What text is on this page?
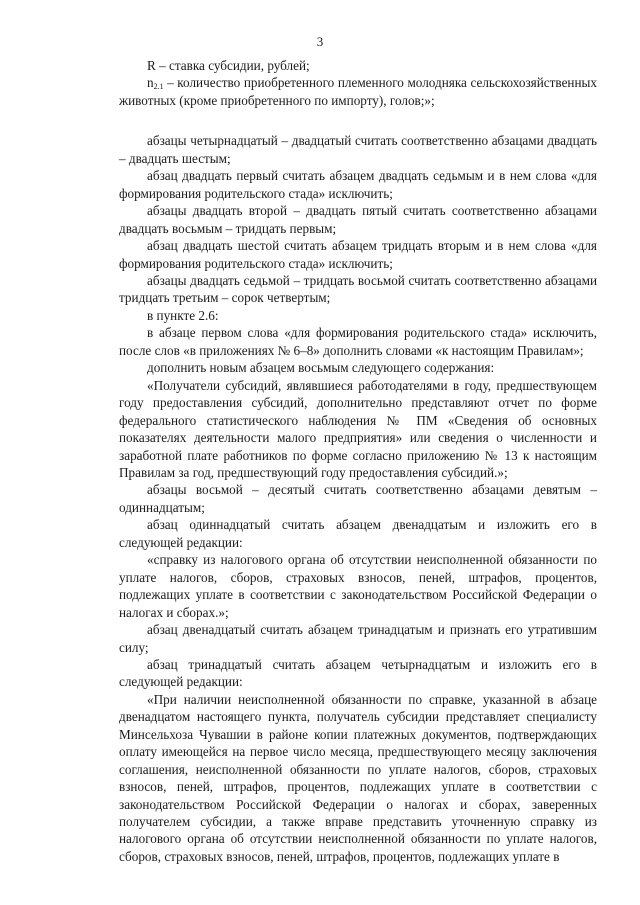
3

R – ставка субсидии, рублей;

$n_{2.1}$ – количество приобретенного племенного молодняка сельскохозяйственных животных (кроме приобретенного по импорту), голов;»;

абзацы четырнадцатый – двадцатый считать соответственно абзацами двадцать – двадцать шестым;

абзац двадцать первый считать абзацем двадцать седьмым и в нем слова «для формирования родительского стада» исключить;

абзацы двадцать второй – двадцать пятый считать соответственно абзацами двадцать восьмым – тридцать первым;

абзац двадцать шестой считать абзацем тридцать вторым и в нем слова «для формирования родительского стада» исключить;

абзацы двадцать седьмой – тридцать восьмой считать соответственно абзацами тридцать третьим – сорок четвертым;

в пункте 2.6:

в абзаце первом слова «для формирования родительского стада» исключить, после слов «в приложениях № 6–8» дополнить словами «к настоящим Правилам»;

дополнить новым абзацем восьмым следующего содержания:

«Получатели субсидий, являвшиеся работодателями в году, предшествующем году предоставления субсидий, дополнительно представляют отчет по форме федерального статистического наблюдения № ПМ «Сведения об основных показателях деятельности малого предприятия» или сведения о численности и заработной плате работников по форме согласно приложению № 13 к настоящим Правилам за год, предшествующий году предоставления субсидий.»;

абзацы восьмой – десятый считать соответственно абзацами девятым – одиннадцатым;

абзац одиннадцатый считать абзацем двенадцатым и изложить его в следующей редакции:

«справку из налогового органа об отсутствии неисполненной обязанности по уплате налогов, сборов, страховых взносов, пеней, штрафов, процентов, подлежащих уплате в соответствии с законодательством Российской Федерации о налогах и сборах.»;

абзац двенадцатый считать абзацем тринадцатым и признать его утратившим силу;

абзац тринадцатый считать абзацем четырнадцатым и изложить его в следующей редакции:

«При наличии неисполненной обязанности по справке, указанной в абзаце двенадцатом настоящего пункта, получатель субсидии представляет специалисту Минсельхоза Чувашии в районе копии платежных документов, подтверждающих оплату имеющейся на первое число месяца, предшествующего месяцу заключения соглашения, неисполненной обязанности по уплате налогов, сборов, страховых взносов, пеней, штрафов, процентов, подлежащих уплате в соответствии с законодательством Российской Федерации о налогах и сборах, заверенных получателем субсидии, а также вправе представить уточненную справку из налогового органа об отсутствии неисполненной обязанности по уплате налогов, сборов, страховых взносов, пеней, штрафов, процентов, подлежащих уплате в
